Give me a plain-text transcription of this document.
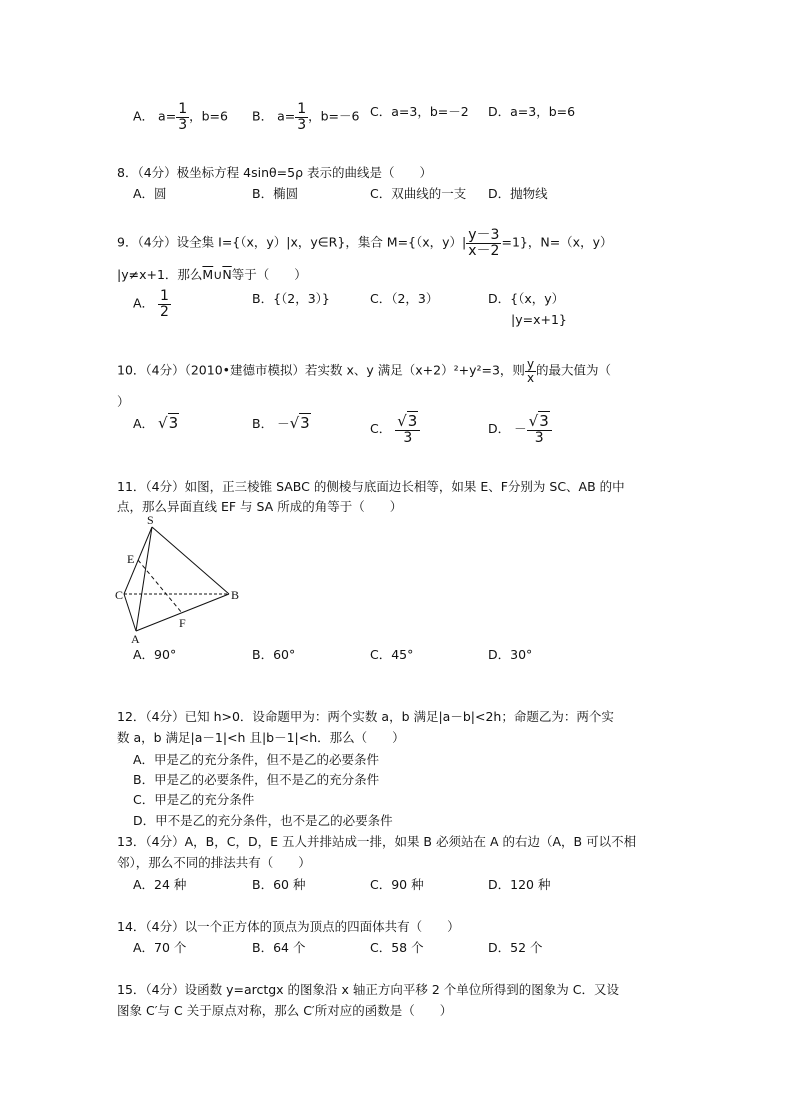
A． $a= \frac{1}{3}$ ，b=6 B． $a= \frac{1}{3}$ ，b=－6 C．a=3，b=－2 D．a=3，b=6
8．（4分）极坐标方程 4sinθ=5ρ 表示的曲线是（　　）
A．圆	B．椭圆	C．双曲线的一支 D．抛物线
9．（4分）设全集 I={（x，y）|x，y∈R}，集合 M={（x，$y)| \frac{y-3}{x-2} =1$}，N=（x，y）
|y≠x+1．那么$\overline{M}\cup\overline{N}$等于（　　）
A． $\frac{1}{2}$	B．{（2，3）}	C．（2，3）	D．{（x，y）
|y=x+1}
10．（4分）（2010•建德市模拟）若实数 x、y 满足（x+2）²+y²=3，则 $\frac{y}{x}$ 的最大值为（
）
A． √3	B． －√3	C． $\frac{√3}{3}$	D． － $\frac{√3}{3}$
11．（4分）如图，正三棱锥 SABC 的侧棱与底面边长相等，如果 E、F分别为 SC、AB 的中
点，那么异面直线 EF 与 SA 所成的角等于（　　）
S
E
C	B
F
A
A．90°	B．60°	C．45°	D．30°
12．（4分）已知 h>0．设命题甲为：两个实数 a，b 满足|a－b|<2h；命题乙为：两个实
数 a，b 满足|a－1|<h 且|b－1|<h．那么（　　）
A．甲是乙的充分条件，但不是乙的必要条件
B．甲是乙的必要条件，但不是乙的充分条件
C．甲是乙的充分条件
D．甲不是乙的充分条件，也不是乙的必要条件
13．（4分）A，B，C，D，E 五人并排站成一排，如果 B 必须站在 A 的右边（A，B 可以不相
邻），那么不同的排法共有（　　）
A．24 种	B．60 种	C．90 种	D．120 种
14．（4分）以一个正方体的顶点为顶点的四面体共有（　　）
A．70 个	B．64 个	C．58 个	D．52 个
15．（4分）设函数 y=arctgx 的图象沿 x 轴正方向平移 2 个单位所得到的图象为 C．又设
图象 C′与 C 关于原点对称，那么 C′所对应的函数是（　　）
